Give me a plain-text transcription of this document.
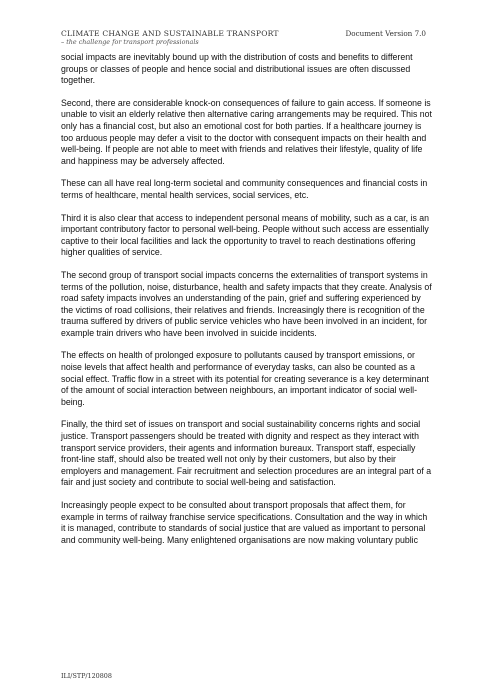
CLIMATE CHANGE AND SUSTAINABLE TRANSPORT
– the challenge for transport professionals
Document Version 7.0

social impacts are inevitably bound up with the distribution of costs and benefits to different groups or classes of people and hence social and distributional issues are often discussed together.

Second, there are considerable knock-on consequences of failure to gain access. If someone is unable to visit an elderly relative then alternative caring arrangements may be required. This not only has a financial cost, but also an emotional cost for both parties. If a healthcare journey is too arduous people may defer a visit to the doctor with consequent impacts on their health and well-being. If people are not able to meet with friends and relatives their lifestyle, quality of life and happiness may be adversely affected.

These can all have real long-term societal and community consequences and financial costs in terms of healthcare, mental health services, social services, etc.

Third it is also clear that access to independent personal means of mobility, such as a car, is an important contributory factor to personal well-being. People without such access are essentially captive to their local facilities and lack the opportunity to travel to reach destinations offering higher qualities of service.

The second group of transport social impacts concerns the externalities of transport systems in terms of the pollution, noise, disturbance, health and safety impacts that they create. Analysis of road safety impacts involves an understanding of the pain, grief and suffering experienced by the victims of road collisions, their relatives and friends. Increasingly there is recognition of the trauma suffered by drivers of public service vehicles who have been involved in an incident, for example train drivers who have been involved in suicide incidents.

The effects on health of prolonged exposure to pollutants caused by transport emissions, or noise levels that affect health and performance of everyday tasks, can also be counted as a social effect. Traffic flow in a street with its potential for creating severance is a key determinant of the amount of social interaction between neighbours, an important indicator of social well-being.

Finally, the third set of issues on transport and social sustainability concerns rights and social justice. Transport passengers should be treated with dignity and respect as they interact with transport service providers, their agents and information bureaux. Transport staff, especially front-line staff, should also be treated well not only by their customers, but also by their employers and management. Fair recruitment and selection procedures are an integral part of a fair and just society and contribute to social well-being and satisfaction.

Increasingly people expect to be consulted about transport proposals that affect them, for example in terms of railway franchise service specifications. Consultation and the way in which it is managed, contribute to standards of social justice that are valued as important to personal and community well-being. Many enlightened organisations are now making voluntary public

ILI/STP/120808
